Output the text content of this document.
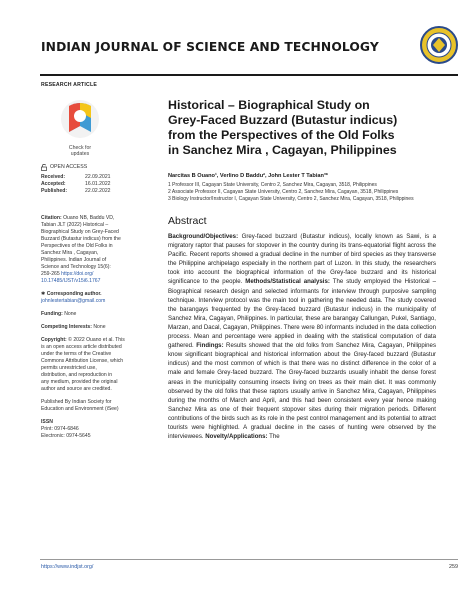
INDIAN JOURNAL OF SCIENCE AND TECHNOLOGY
RESEARCH ARTICLE
Check for
updates
OPEN ACCESS
Received:	22.09.2021
Accepted:	16.01.2022
Published:	22.02.2022
Citation: Ouano NB, Baddu VD,
Tabian JLT (2022) Historical –
Biographical Study on Grey-Faced
Buzzard (Butastur indicus) from the
Perspectives of the Old Folks in
Sanchez Mira , Cagayan,
Philippines. Indian Journal of
Science and Technology 15(6):
259-265 https://doi.org/
10.17485/IJST/v15i6.1767
✱ Corresponding author.
johnlestertabian@gmail.com
Funding: None
Competing Interests: None
Copyright: © 2022 Ouano et al. This
is an open access article distributed
under the terms of the Creative
Commons Attribution License, which
permits unrestricted use,
distribution, and reproduction in
any medium, provided the original
author and source are credited.
Published By Indian Society for
Education and Environment (iSee)
ISSN
Print: 0974-6846
Electronic: 0974-5645
Historical – Biographical Study on
Grey-Faced Buzzard (Butastur indicus)
from the Perspectives of the Old Folks
in Sanchez Mira , Cagayan, Philippines
Narcitas B Ouano¹, Verlino D Baddu², John Lester T Tabian³*
1 Professor III, Cagayan State University, Centro 2, Sanchez Mira, Cagayan, 3518, Philippines
2 Associate Professor II, Cagayan State University, Centro 2, Sanchez Mira, Cagayan, 3518, Philippines
3 Biology Instructor/Instructor I, Cagayan State University, Centro 2, Sanchez Mira, Cagayan, 3518, Philippines
Abstract
Background/Objectives: Grey-faced buzzard (Butastur indicus), locally known as Sawi, is a migratory raptor that pauses for stopover in the country during its trans-equatorial flight across the Pacific. Recent reports showed a gradual decline in the number of bird species as they transverse the Philippine archipelago especially in the northern part of Luzon. In this study, the researchers took into account the biographical information of the Grey-face buzzard and its historical significance to the people. Methods/Statistical analysis: The study employed the Historical – Biographical research design and selected informants for interview through purposive sampling technique. Interview protocol was the main tool in gathering the needed data. The study covered the barangays frequented by the Grey-faced buzzard (Butastur indicus) in the municipality of Sanchez Mira, Cagayan, Philippines. In particular, these are barangay Callungan, Pukel, Santiago, Marzan, and Dacal, Cagayan, Philippines. There were 80 informants included in the data collection process. Mean and percentage were applied in dealing with the statistical computation of data gathered. Findings: Results showed that the old folks from Sanchez Mira, Cagayan, Philippines know significant biographical and historical information about the Grey-faced buzzard (Butastur indicus) and the most common of which is that there was no distinct difference in the color of a male and female Grey-faced buzzard. The Grey-faced buzzards usually inhabit the dense forest areas in the municipality consuming insects living on trees as their main diet. It was commonly observed by the old folks that these raptors usually arrive in Sanchez Mira, Cagayan, Philippines during the months of March and April, and this had been consistent every year hence making Sanchez Mira as one of their frequent stopover sites during their migration periods. Different contributions of the birds such as its role in the pest control management and its potential to attract tourists were highlighted. A gradual decline in the cases of hunting were observed by the interviewees. Novelty/Applications: The
https://www.indjst.org/	259
